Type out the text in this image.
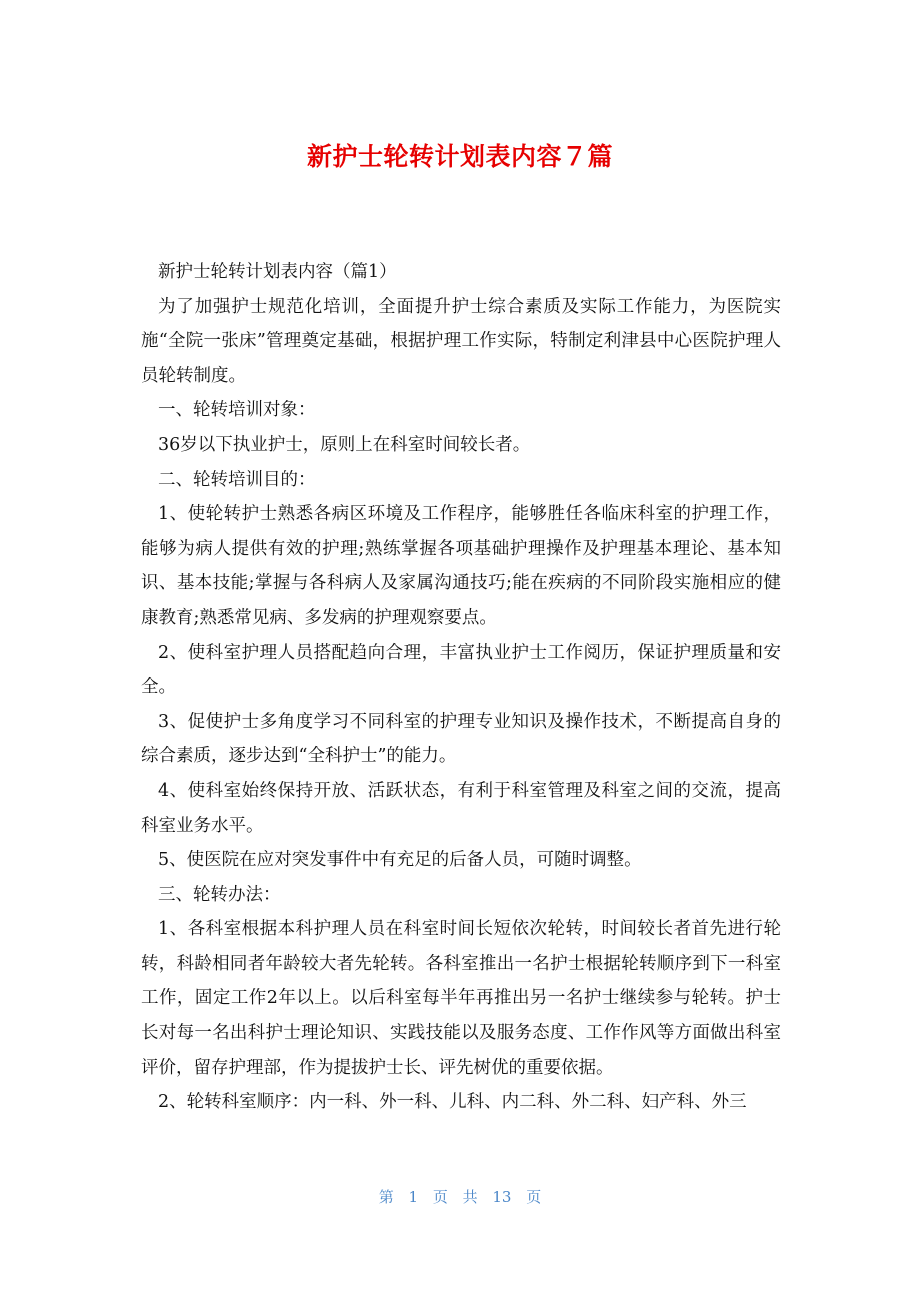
新护士轮转计划表内容７篇

新护士轮转计划表内容（篇1）

为了加强护士规范化培训，全面提升护士综合素质及实际工作能力，为医院实施“全院一张床”管理奠定基础，根据护理工作实际，特制定利津县中心医院护理人员轮转制度。

一、轮转培训对象：

36岁以下执业护士，原则上在科室时间较长者。

二、轮转培训目的：

1、使轮转护士熟悉各病区环境及工作程序，能够胜任各临床科室的护理工作，能够为病人提供有效的护理;熟练掌握各项基础护理操作及护理基本理论、基本知识、基本技能;掌握与各科病人及家属沟通技巧;能在疾病的不同阶段实施相应的健康教育;熟悉常见病、多发病的护理观察要点。

2、使科室护理人员搭配趋向合理，丰富执业护士工作阅历，保证护理质量和安全。

3、促使护士多角度学习不同科室的护理专业知识及操作技术，不断提高自身的综合素质，逐步达到“全科护士”的能力。

4、使科室始终保持开放、活跃状态，有利于科室管理及科室之间的交流，提高科室业务水平。

5、使医院在应对突发事件中有充足的后备人员，可随时调整。

三、轮转办法：

1、各科室根据本科护理人员在科室时间长短依次轮转，时间较长者首先进行轮转，科龄相同者年龄较大者先轮转。各科室推出一名护士根据轮转顺序到下一科室工作，固定工作2年以上。以后科室每半年再推出另一名护士继续参与轮转。护士长对每一名出科护士理论知识、实践技能以及服务态度、工作作风等方面做出科室评价，留存护理部，作为提拔护士长、评先树优的重要依据。

2、轮转科室顺序：内一科、外一科、儿科、内二科、外二科、妇产科、外三

第 1 页 共 13 页
